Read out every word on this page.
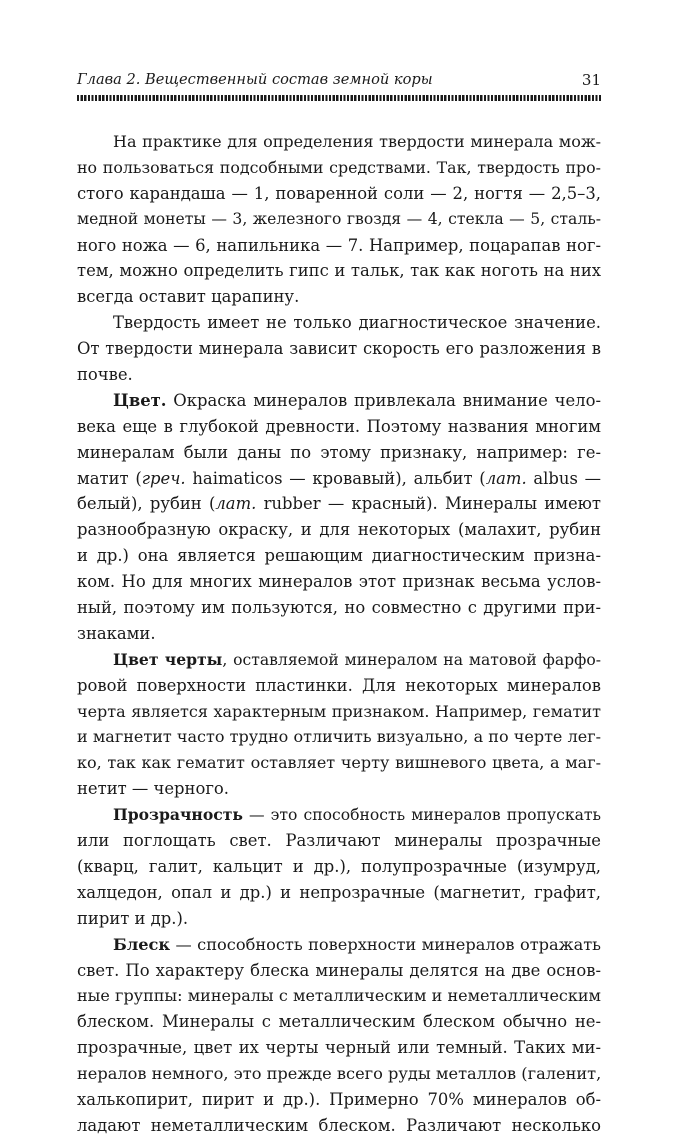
Глава 2. Вещественный состав земной коры	31
На практике для определения твердости минерала мож-
но пользоваться подсобными средствами. Так, твердость про-
стого карандаша — 1, поваренной соли — 2, ногтя — 2,5–3,
медной монеты — 3, железного гвоздя — 4, стекла — 5, сталь-
ного ножа — 6, напильника — 7. Например, поцарапав ног-
тем, можно определить гипс и тальк, так как ноготь на них
всегда оставит царапину.
Твердость имеет не только диагностическое значение.
От твердости минерала зависит скорость его разложения в
почве.
Цвет. Окраска минералов привлекала внимание чело-
века еще в глубокой древности. Поэтому названия многим
минералам были даны по этому признаку, например: ге-
матит (греч. haimaticos — кровавый), альбит (лат. albus —
белый), рубин (лат. rubber — красный). Минералы имеют
разнообразную окраску, и для некоторых (малахит, рубин
и др.) она является решающим диагностическим призна-
ком. Но для многих минералов этот признак весьма услов-
ный, поэтому им пользуются, но совместно с другими при-
знаками.
Цвет черты, оставляемой минералом на матовой фарфо-
ровой поверхности пластинки. Для некоторых минералов
черта является характерным признаком. Например, гематит
и магнетит часто трудно отличить визуально, а по черте лег-
ко, так как гематит оставляет черту вишневого цвета, а маг-
нетит — черного.
Прозрачность — это способность минералов пропускать
или поглощать свет. Различают минералы прозрачные
(кварц, галит, кальцит и др.), полупрозрачные (изумруд,
халцедон, опал и др.) и непрозрачные (магнетит, графит,
пирит и др.).
Блеск — способность поверхности минералов отражать
свет. По характеру блеска минералы делятся на две основ-
ные группы: минералы с металлическим и неметаллическим
блеском. Минералы с металлическим блеском обычно не-
прозрачные, цвет их черты черный или темный. Таких ми-
нералов немного, это прежде всего руды металлов (галенит,
халькопирит, пирит и др.). Примерно 70% минералов об-
ладают неметаллическим блеском. Различают несколько
